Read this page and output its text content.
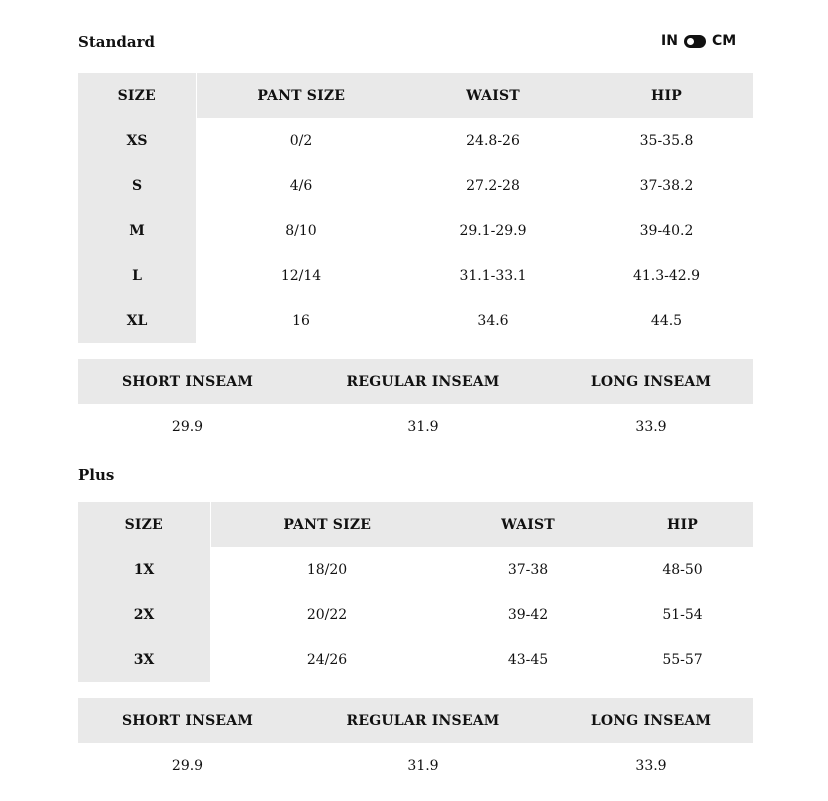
Standard	IN CM
SIZE	PANT SIZE	WAIST	HIP
XS	0/2	24.8-26	35-35.8
S	4/6	27.2-28	37-38.2
M	8/10	29.1-29.9	39-40.2
L	12/14	31.1-33.1	41.3-42.9
XL	16	34.6	44.5
SHORT INSEAM	REGULAR INSEAM	LONG INSEAM
29.9	31.9	33.9
Plus
SIZE	PANT SIZE	WAIST	HIP
1X	18/20	37-38	48-50
2X	20/22	39-42	51-54
3X	24/26	43-45	55-57
SHORT INSEAM	REGULAR INSEAM	LONG INSEAM
29.9	31.9	33.9
